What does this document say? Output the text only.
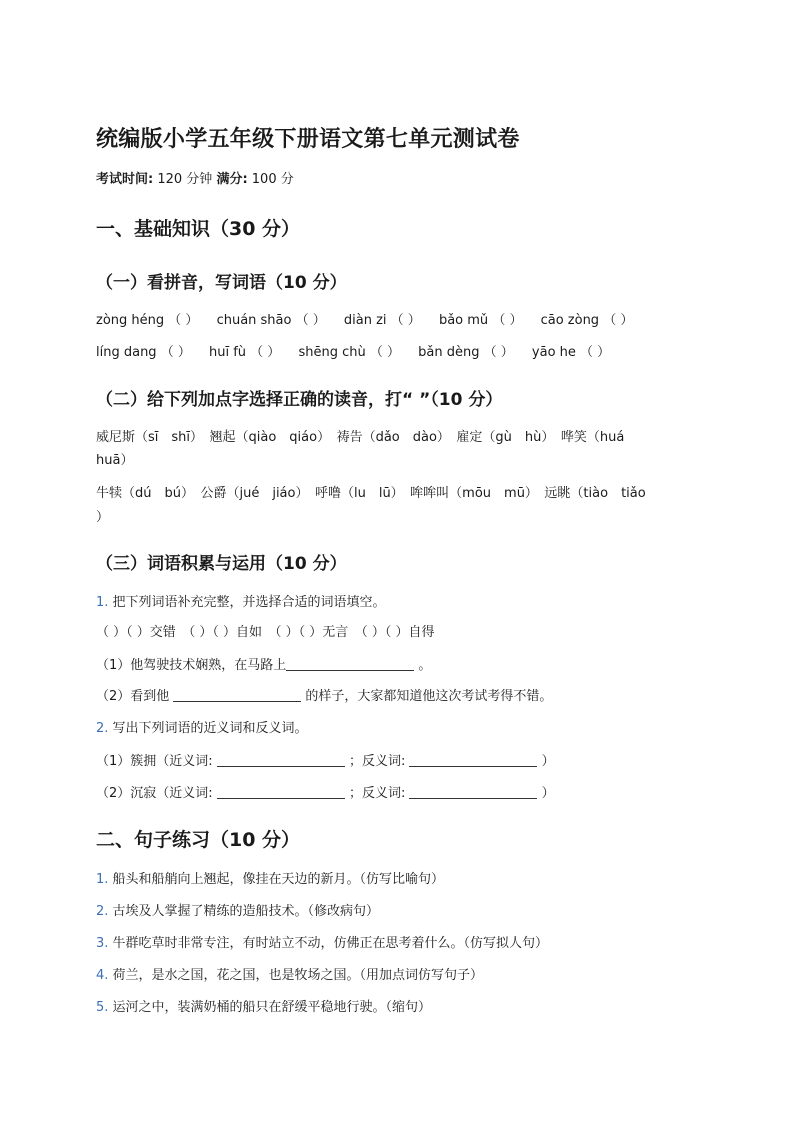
统编版小学五年级下册语文第七单元测试卷
考试时间: 120 分钟 满分: 100 分
一、基础知识（30 分）
（一）看拼音，写词语（10 分）
zòng héng （ ） chuán shāo （ ） diàn zi （ ） bǎo mǔ （ ） cāo zòng （ ）
líng dang （ ） huī fù （ ） shēng chù （ ） bǎn dèng （ ） yāo he （ ）
（二）给下列加点字选择正确的读音，打“ ”（10 分）
威尼斯（sī　shī）　翘起（qiào　qiáo）　祷告（dǎo　dào）　雇定（gù　hù）　哗笑（huá
huā）
牛犊（dú　bú）　公爵（jué　jiáo）　呼噜（lu　lū）　哞哞叫（mōu　mū）　远眺（tiào　tiǎo
）
（三）词语积累与运用（10 分）
1. 把下列词语补充完整，并选择合适的词语填空。
（ ）（ ）交错　（ ）（ ）自如　（ ）（ ）无言　（ ）（ ）自得
（1）他驾驶技术娴熟，在马路上	。
（2）看到他	的样子，大家都知道他这次考试考得不错。
2. 写出下列词语的近义词和反义词。
（1）簇拥（近义词:	；反义词:	）
（2）沉寂（近义词:	；反义词:	）
二、句子练习（10 分）
1. 船头和船艄向上翘起，像挂在天边的新月。（仿写比喻句）
2. 古埃及人掌握了精练的造船技术。（修改病句）
3. 牛群吃草时非常专注，有时站立不动，仿佛正在思考着什么。（仿写拟人句）
4. 荷兰，是水之国，花之国，也是牧场之国。（用加点词仿写句子）
5. 运河之中，装满奶桶的船只在舒缓平稳地行驶。（缩句）
